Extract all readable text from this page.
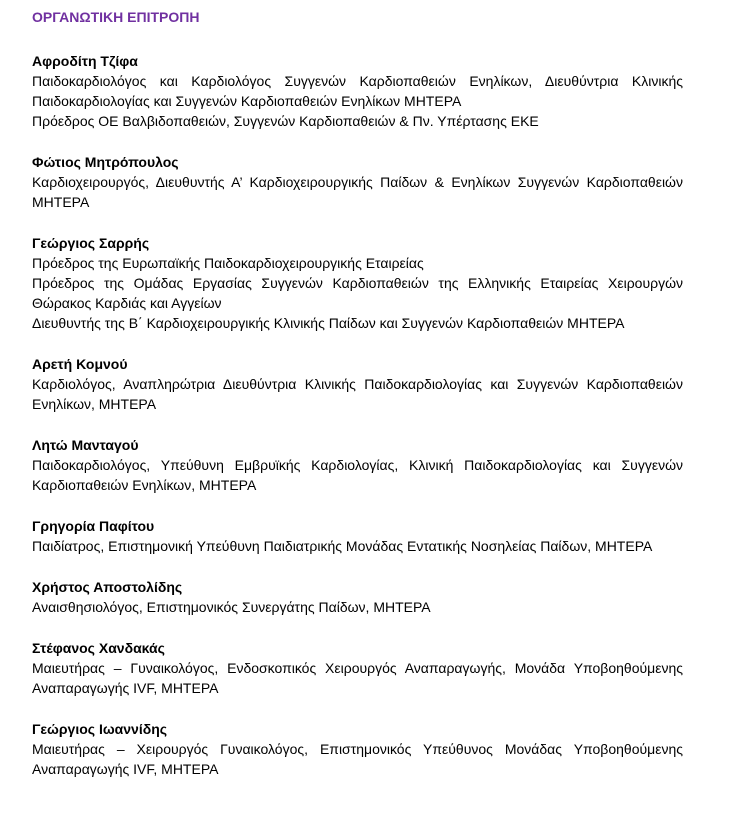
ΟΡΓΑΝΩΤΙΚΗ ΕΠΙΤΡΟΠΗ

Αφροδίτη Τζίφα

Παιδοκαρδιολόγος και Καρδιολόγος Συγγενών Καρδιοπαθειών Ενηλίκων, Διευθύντρια Κλινικής Παιδοκαρδιολογίας και Συγγενών Καρδιοπαθειών Ενηλίκων ΜΗΤΕΡΑ

Πρόεδρος ΟΕ Βαλβιδοπαθειών, Συγγενών Καρδιοπαθειών & Πν. Υπέρτασης ΕΚΕ

Φώτιος Μητρόπουλος

Καρδιοχειρουργός, Διευθυντής Α’ Καρδιοχειρουργικής Παίδων & Ενηλίκων Συγγενών Καρδιοπαθειών ΜΗΤΕΡΑ

Γεώργιος Σαρρής

Πρόεδρος της Ευρωπαϊκής Παιδοκαρδιοχειρουργικής Εταιρείας

Πρόεδρος της Ομάδας Εργασίας Συγγενών Καρδιοπαθειών της Ελληνικής Εταιρείας Χειρουργών Θώρακος Καρδιάς και Αγγείων

Διευθυντής της Β΄ Καρδιοχειρουργικής Κλινικής Παίδων και Συγγενών Καρδιοπαθειών ΜΗΤΕΡΑ

Αρετή Κομνού

Καρδιολόγος, Αναπληρώτρια Διευθύντρια Κλινικής Παιδοκαρδιολογίας και Συγγενών Καρδιοπαθειών Ενηλίκων, ΜΗΤΕΡΑ

Λητώ Μανταγού

Παιδοκαρδιολόγος, Υπεύθυνη Εμβρυϊκής Καρδιολογίας, Κλινική Παιδοκαρδιολογίας και Συγγενών Καρδιοπαθειών Ενηλίκων, ΜΗΤΕΡΑ

Γρηγορία Παφίτου

Παιδίατρος, Επιστημονική Υπεύθυνη Παιδιατρικής Μονάδας Εντατικής Νοσηλείας Παίδων, ΜΗΤΕΡΑ

Χρήστος Αποστολίδης

Αναισθησιολόγος, Επιστημονικός Συνεργάτης Παίδων, ΜΗΤΕΡΑ

Στέφανος Χανδακάς

Μαιευτήρας – Γυναικολόγος, Ενδοσκοπικός Χειρουργός Αναπαραγωγής, Μονάδα Υποβοηθούμενης Αναπαραγωγής IVF, ΜΗΤΕΡΑ

Γεώργιος Ιωαννίδης

Μαιευτήρας – Χειρουργός Γυναικολόγος, Επιστημονικός Υπεύθυνος Μονάδας Υποβοηθούμενης Αναπαραγωγής IVF, ΜΗΤΕΡΑ
